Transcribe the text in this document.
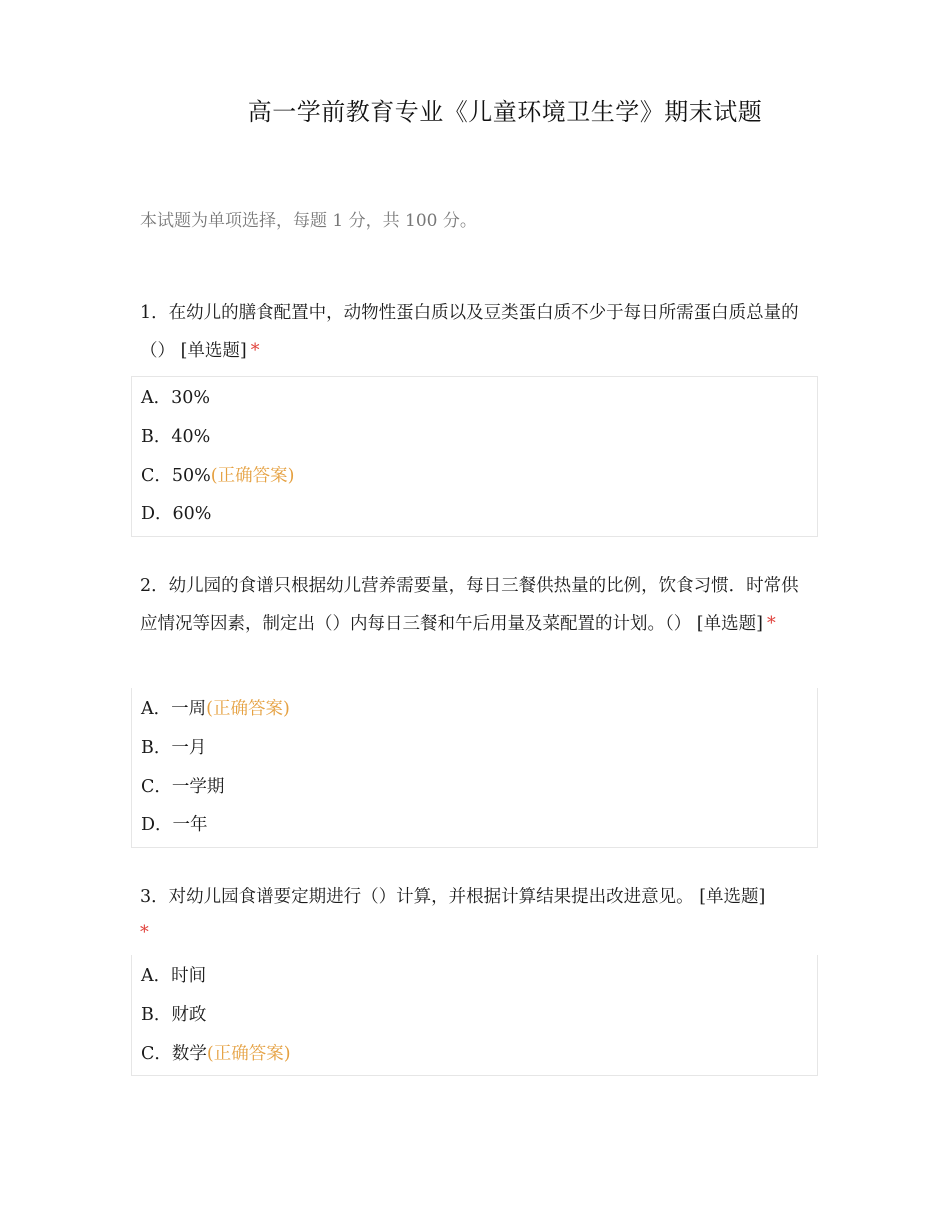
高一学前教育专业《儿童环境卫生学》期末试题
本试题为单项选择，每题 1 分，共 100 分。
1．在幼儿的膳食配置中，动物性蛋白质以及豆类蛋白质不少于每日所需蛋白质总量的（） [单选题] *
A．30%
B．40%
C．50%(正确答案)
D．60%
2．幼儿园的食谱只根据幼儿营养需要量，每日三餐供热量的比例，饮食习惯．时常供应情况等因素，制定出（）内每日三餐和午后用量及菜配置的计划。（） [单选题] *
A．一周(正确答案)
B．一月
C．一学期
D．一年
3．对幼儿园食谱要定期进行（）计算，并根据计算结果提出改进意见。 [单选题]
*
A．时间
B．财政
C．数学(正确答案)
